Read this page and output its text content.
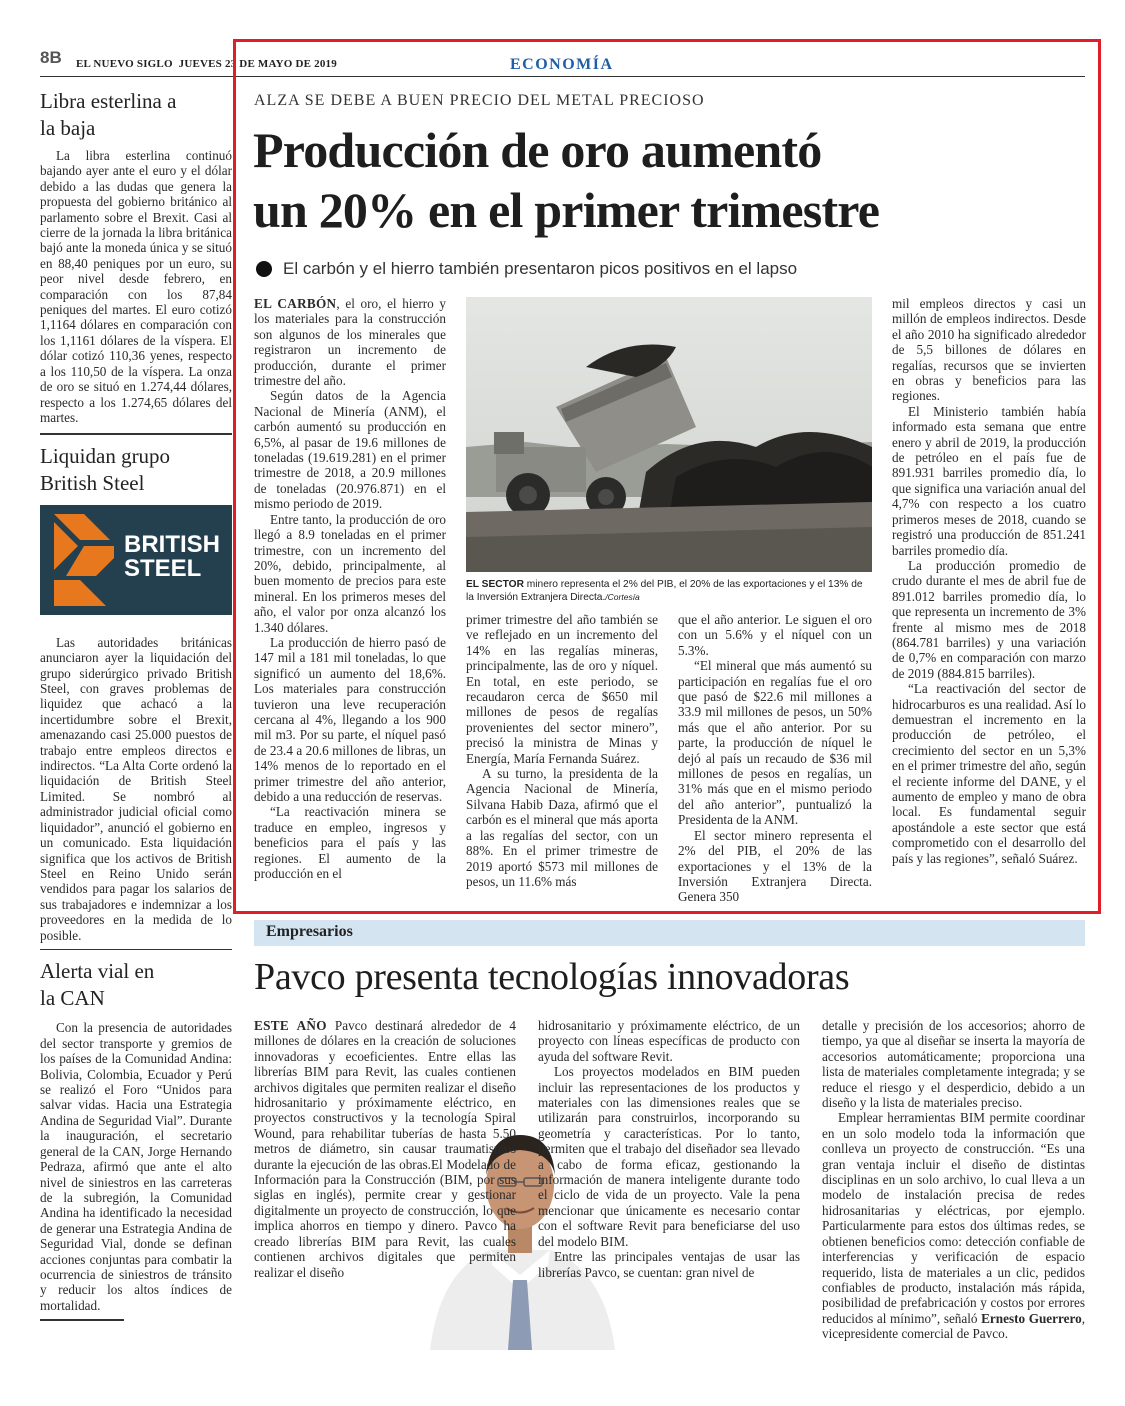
8B EL NUEVO SIGLO  JUEVES 23 DE MAYO DE 2019	ECONOMÍA
Libra esterlina a la baja

La libra esterlina continuó bajando ayer ante el euro y el dólar debido a las dudas que genera la propuesta del gobierno británico al parlamento sobre el Brexit. Casi al cierre de la jornada la libra británica bajó ante la moneda única y se situó en 88,40 peniques por un euro, su peor nivel desde febrero, en comparación con los 87,84 peniques del martes. El euro cotizó 1,1164 dólares en comparación con los 1,1161 dólares de la víspera. El dólar cotizó 110,36 yenes, respecto a los 110,50 de la víspera. La onza de oro se situó en 1.274,44 dólares, respecto a los 1.274,65 dólares del martes.

Liquidan grupo British Steel
BRITISH
STEEL

Las autoridades británicas anunciaron ayer la liquidación del grupo siderúrgico privado British Steel, con graves problemas de liquidez que achacó a la incertidumbre sobre el Brexit, amenazando casi 25.000 puestos de trabajo entre empleos directos e indirectos. “La Alta Corte ordenó la liquidación de British Steel Limited. Se nombró al administrador judicial oficial como liquidador”, anunció el gobierno en un comunicado. Esta liquidación significa que los activos de British Steel en Reino Unido serán vendidos para pagar los salarios de sus trabajadores e indemnizar a los proveedores en la medida de lo posible.

Alerta vial en la CAN

Con la presencia de autoridades del sector transporte y gremios de los países de la Comunidad Andina: Bolivia, Colombia, Ecuador y Perú se realizó el Foro “Unidos para salvar vidas. Hacia una Estrategia Andina de Seguridad Vial”. Durante la inauguración, el secretario general de la CAN, Jorge Hernando Pedraza, afirmó que ante el alto nivel de siniestros en las carreteras de la subregión, la Comunidad Andina ha identificado la necesidad de generar una Estrategia Andina de Seguridad Vial, donde se definan acciones conjuntas para combatir la ocurrencia de siniestros de tránsito y reducir los altos índices de mortalidad.

ALZA SE DEBE A BUEN PRECIO DEL METAL PRECIOSO
Producción de oro aumentó
un 20% en el primer trimestre
El carbón y el hierro también presentaron picos positivos en el lapso

EL CARBÓN, el oro, el hierro y los materiales para la construcción son algunos de los minerales que registraron un incremento de producción, durante el primer trimestre del año.

Según datos de la Agencia Nacional de Minería (ANM), el carbón aumentó su producción en 6,5%, al pasar de 19.6 millones de toneladas (19.619.281) en el primer trimestre de 2018, a 20.9 millones de toneladas (20.976.871) en el mismo periodo de 2019.

Entre tanto, la producción de oro llegó a 8.9 toneladas en el primer trimestre, con un incremento del 20%, debido, principalmente, al buen momento de precios para este mineral. En los primeros meses del año, el valor por onza alcanzó los 1.340 dólares.

La producción de hierro pasó de 147 mil a 181 mil toneladas, lo que significó un aumento del 18,6%. Los materiales para construcción tuvieron una leve recuperación cercana al 4%, llegando a los 900 mil m3. Por su parte, el níquel pasó de 23.4 a 20.6 millones de libras, un 14% menos de lo reportado en el primer trimestre del año anterior, debido a una reducción de reservas.

“La reactivación minera se traduce en empleo, ingresos y beneficios para el país y las regiones. El aumento de la producción en el

EL SECTOR minero representa el 2% del PIB, el 20% de las exportaciones y el 13% de la Inversión Extranjera Directa./Cortesía

primer trimestre del año también se ve reflejado en un incremento del 14% en las regalías mineras, principalmente, las de oro y níquel. En total, en este periodo, se recaudaron cerca de $650 mil millones de pesos de regalías provenientes del sector minero”, precisó la ministra de Minas y Energía, María Fernanda Suárez.

A su turno, la presidenta de la Agencia Nacional de Minería, Silvana Habib Daza, afirmó que el carbón es el mineral que más aporta a las regalías del sector, con un 88%. En el primer trimestre de 2019 aportó $573 mil millones de pesos, un 11.6% más

que el año anterior. Le siguen el oro con un 5.6% y el níquel con un 5.3%.

“El mineral que más aumentó su participación en regalías fue el oro que pasó de $22.6 mil millones a 33.9 mil millones de pesos, un 50% más que el año anterior. Por su parte, la producción de níquel le dejó al país un recaudo de $36 mil millones de pesos en regalías, un 31% más que en el mismo periodo del año anterior”, puntualizó la Presidenta de la ANM.

El sector minero representa el 2% del PIB, el 20% de las exportaciones y el 13% de la Inversión Extranjera Directa. Genera 350

mil empleos directos y casi un millón de empleos indirectos. Desde el año 2010 ha significado alrededor de 5,5 billones de dólares en regalías, recursos que se invierten en obras y beneficios para las regiones.

El Ministerio también había informado esta semana que entre enero y abril de 2019, la producción de petróleo en el país fue de 891.931 barriles promedio día, lo que significa una variación anual del 4,7% con respecto a los cuatro primeros meses de 2018, cuando se registró una producción de 851.241 barriles promedio día.

La producción promedio de crudo durante el mes de abril fue de 891.012 barriles promedio día, lo que representa un incremento de 3% frente al mismo mes de 2018 (864.781 barriles) y una variación de 0,7% en comparación con marzo de 2019 (884.815 barriles).

“La reactivación del sector de hidrocarburos es una realidad. Así lo demuestran el incremento en la producción de petróleo, el crecimiento del sector en un 5,3% en el primer trimestre del año, según el reciente informe del DANE, y el aumento de empleo y mano de obra local. Es fundamental seguir apostándole a este sector que está comprometido con el desarrollo del país y las regiones”, señaló Suárez.

Empresarios
Pavco presenta tecnologías innovadoras

ESTE AÑO Pavco destinará alrededor de 4 millones de dólares en la creación de soluciones innovadoras y ecoeficientes. Entre ellas las librerías BIM para Revit, las cuales contienen archivos digitales que permiten realizar el diseño hidrosanitario y próximamente eléctrico, en proyectos constructivos y la tecnología Spiral Wound, para rehabilitar tuberías de hasta 5.50 metros de diámetro, sin causar traumatismos durante la ejecución de las obras.El Modelado de Información para la Construcción (BIM, por sus siglas en inglés), permite crear y gestionar digitalmente un proyecto de construcción, lo que implica ahorros en tiempo y dinero. Pavco ha creado librerías BIM para Revit, las cuales contienen archivos digitales que permiten realizar el diseño

hidrosanitario y próximamente eléctrico, de un proyecto con líneas específicas de producto con ayuda del software Revit.

Los proyectos modelados en BIM pueden incluir las representaciones de los productos y materiales con las dimensiones reales que se utilizarán para construirlos, incorporando su geometría y características. Por lo tanto, permiten que el trabajo del diseñador sea llevado a cabo de forma eficaz, gestionando la información de manera inteligente durante todo el ciclo de vida de un proyecto. Vale la pena mencionar que únicamente es necesario contar con el software Revit para beneficiarse del uso del modelo BIM.

Entre las principales ventajas de usar las librerías Pavco, se cuentan: gran nivel de

detalle y precisión de los accesorios; ahorro de tiempo, ya que al diseñar se inserta la mayoría de accesorios automáticamente; proporciona una lista de materiales completamente integrada; y se reduce el riesgo y el desperdicio, debido a un diseño y la lista de materiales preciso.

Emplear herramientas BIM permite coordinar en un solo modelo toda la información que conlleva un proyecto de construcción. “Es una gran ventaja incluir el diseño de distintas disciplinas en un solo archivo, lo cual lleva a un modelo de instalación precisa de redes hidrosanitarias y eléctricas, por ejemplo. Particularmente para estos dos últimas redes, se obtienen beneficios como: detección confiable de interferencias y verificación de espacio requerido, lista de materiales a un clic, pedidos confiables de producto, instalación más rápida, posibilidad de prefabricación y costos por errores reducidos al mínimo”, señaló Ernesto Guerrero, vicepresidente comercial de Pavco.
